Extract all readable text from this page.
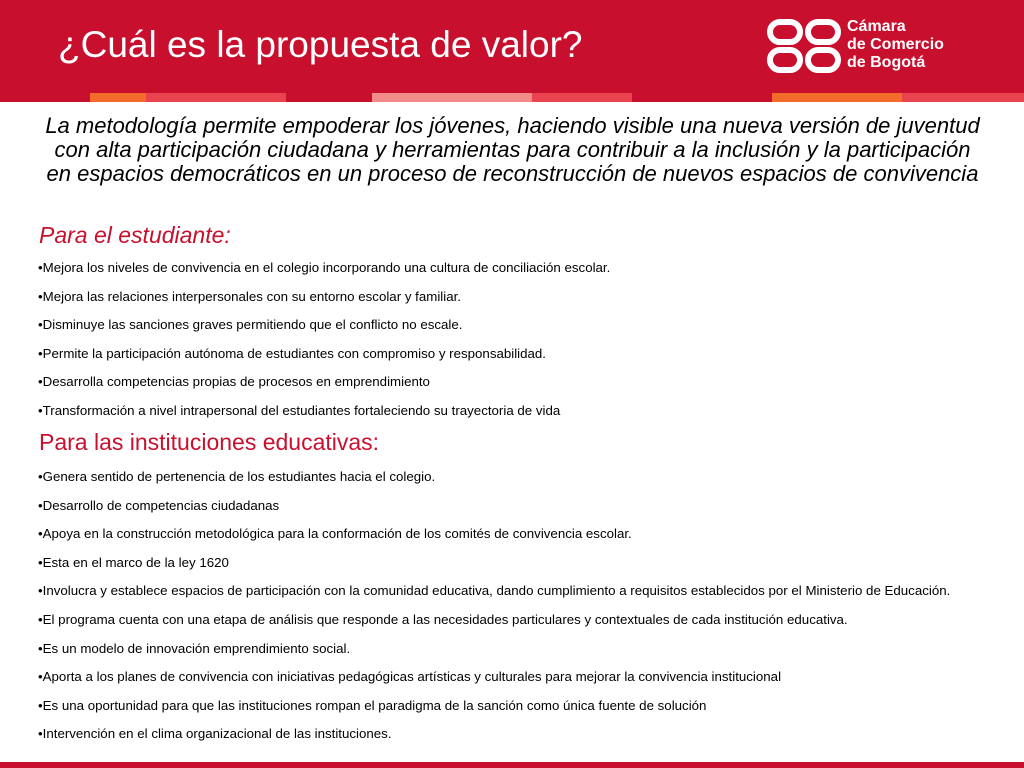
¿Cuál es la propuesta de valor?	Cámara
de Comercio
de Bogotá

La metodología permite empoderar los jóvenes, haciendo visible una nueva versión de juventud con alta participación ciudadana y herramientas para contribuir a la inclusión y la participación en espacios democráticos en un proceso de reconstrucción de nuevos espacios de convivencia

Para el estudiante:
•Mejora los niveles de convivencia en el colegio incorporando una cultura de conciliación escolar.
•Mejora las relaciones interpersonales con su entorno escolar y familiar.
•Disminuye las sanciones graves permitiendo que el conflicto no escale.
•Permite la participación autónoma de estudiantes con compromiso y responsabilidad.
•Desarrolla competencias propias de procesos en emprendimiento
•Transformación a nivel intrapersonal del estudiantes fortaleciendo su trayectoria de vida
Para las instituciones educativas:
•Genera sentido de pertenencia de los estudiantes hacia el colegio.
•Desarrollo de competencias ciudadanas
•Apoya en la construcción metodológica para la conformación de los comités de convivencia escolar.
•Esta en el marco de la ley 1620
•Involucra y establece espacios de participación con la comunidad educativa, dando cumplimiento a requisitos establecidos por el Ministerio de Educación.
•El programa cuenta con una etapa de análisis que responde a las necesidades particulares y contextuales de cada institución educativa.
•Es un modelo de innovación emprendimiento social.
•Aporta a los planes de convivencia con iniciativas pedagógicas artísticas y culturales para mejorar la convivencia institucional
•Es una oportunidad para que las instituciones rompan el paradigma de la sanción como única fuente de solución
•Intervención en el clima organizacional de las instituciones.
